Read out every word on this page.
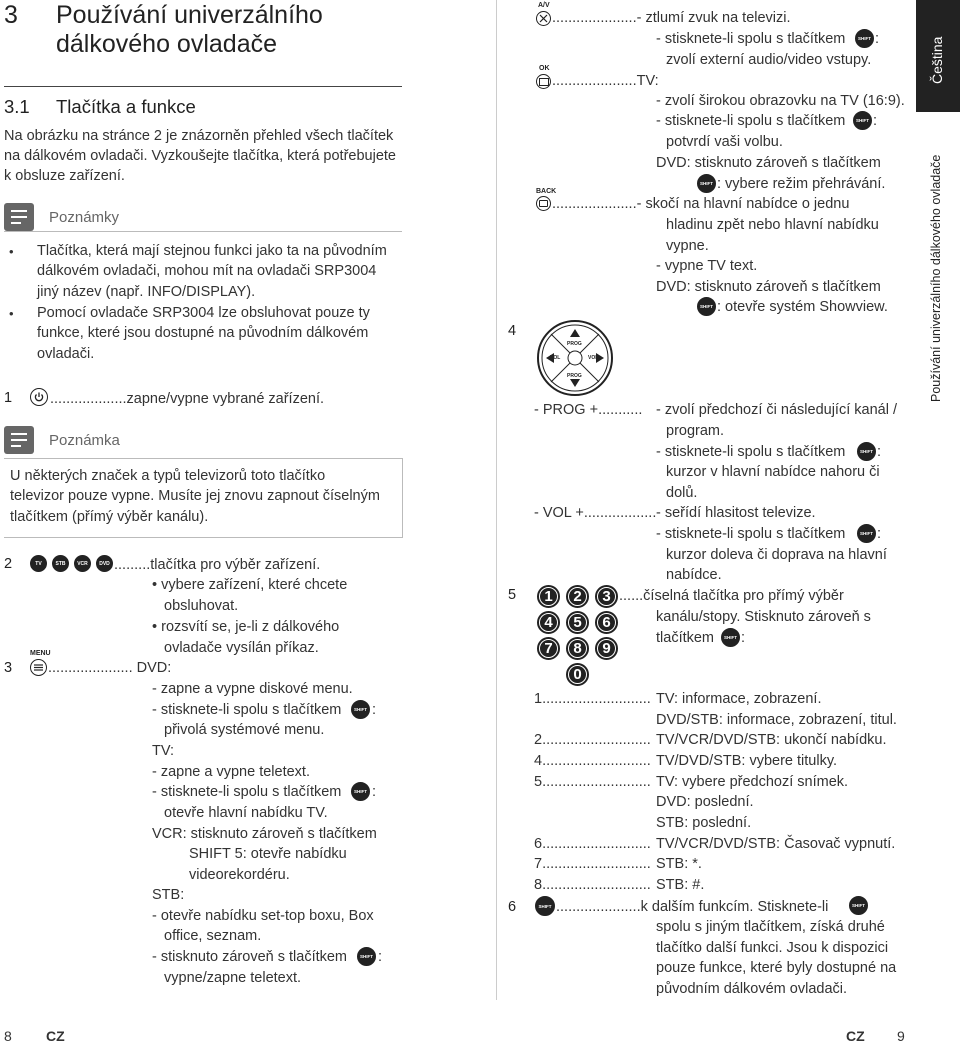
3 Používání univerzálního
dálkového ovladače
3.1 Tlačítka a funkce
Na obrázku na stránce 2 je znázorněn přehled všech tlačítek
na dálkovém ovladači. Vyzkoušejte tlačítka, která potřebujete
k obsluze zařízení.
Poznámky
• Tlačítka, která mají stejnou funkci jako ta na původním
dálkovém ovladači, mohou mít na ovladači SRP3004
jiný název (např. INFO/DISPLAY).
• Pomocí ovladače SRP3004 lze obsluhovat pouze ty
funkce, které jsou dostupné na původním dálkovém
ovladači.
1	...................zapne/vypne vybrané zařízení.
Poznámka
U některých značek a typů televizorů toto tlačítko
televizor pouze vypne. Musíte jej znovu zapnout číselným
tlačítkem (přímý výběr kanálu).
2	TV	STB	VCR	DVD .........tlačítka pro výběr zařízení.
• vybere zařízení, které chcete
obsluhovat.
• rozsvítí se, je-li z dálkového
ovladače vysílán příkaz.
3
MENU
..................... DVD:
- zapne a vypne diskové menu.
- stisknete-li spolu s tlačítkem	SHIFT :
přivolá systémové menu.
TV:
- zapne a vypne teletext.
- stisknete-li spolu s tlačítkem	SHIFT :
otevře hlavní nabídku TV.
VCR: stisknuto zároveň s tlačítkem
SHIFT 5: otevře nabídku
videorekordéru.
STB:
- otevře nabídku set-top boxu, Box
office, seznam.
- stisknuto zároveň s tlačítkem	SHIFT :
vypne/zapne teletext.
A/V
.....................- ztlumí zvuk na televizi.
- stisknete-li spolu s tlačítkem	SHIFT :
zvolí externí audio/video vstupy.
OK
.....................TV:
- zvolí širokou obrazovku na TV (16:9).
- stisknete-li spolu s tlačítkem	SHIFT :
potvrdí vaši volbu.
DVD: stisknuto zároveň s tlačítkem
SHIFT : vybere režim přehrávání.
BACK
.....................- skočí na hlavní nabídce o jednu
hladinu zpět nebo hlavní nabídku
vypne.
- vypne TV text.
DVD: stisknuto zároveň s tlačítkem
SHIFT : otevře systém Showview.
4
PROG
PROG
VOL	VOL
- PROG +........... - zvolí předchozí či následující kanál /
program.
- stisknete-li spolu s tlačítkem	SHIFT :
kurzor v hlavní nabídce nahoru či
dolů.
- VOL +.................. - seřídí hlasitost televize.
- stisknete-li spolu s tlačítkem	SHIFT :
kurzor doleva či doprava na hlavní
nabídce.
5	1	2	3
4	5	6
7	8	9
0
......číselná tlačítka pro přímý výběr
kanálu/stopy. Stisknuto zároveň s
tlačítkem	SHIFT :
1........................... TV: informace, zobrazení.
DVD/STB: informace, zobrazení, titul.
2........................... TV/VCR/DVD/STB: ukončí nabídku.
4........................... TV/DVD/STB: vybere titulky.
5........................... TV: vybere předchozí snímek.
DVD: poslední.
STB: poslední.
6........................... TV/VCR/DVD/STB: Časovač vypnutí.
7........................... STB: *.
8........................... STB: #.
6	SHIFT .....................k dalším funkcím. Stisknete-li	SHIFT
spolu s jiným tlačítkem, získá druhé
tlačítko další funkci. Jsou k dispozici
pouze funkce, které byly dostupné na
původním dálkovém ovladači.
Čeština
Používání univerzálního dálkového ovladače
8 CZ	CZ 9
